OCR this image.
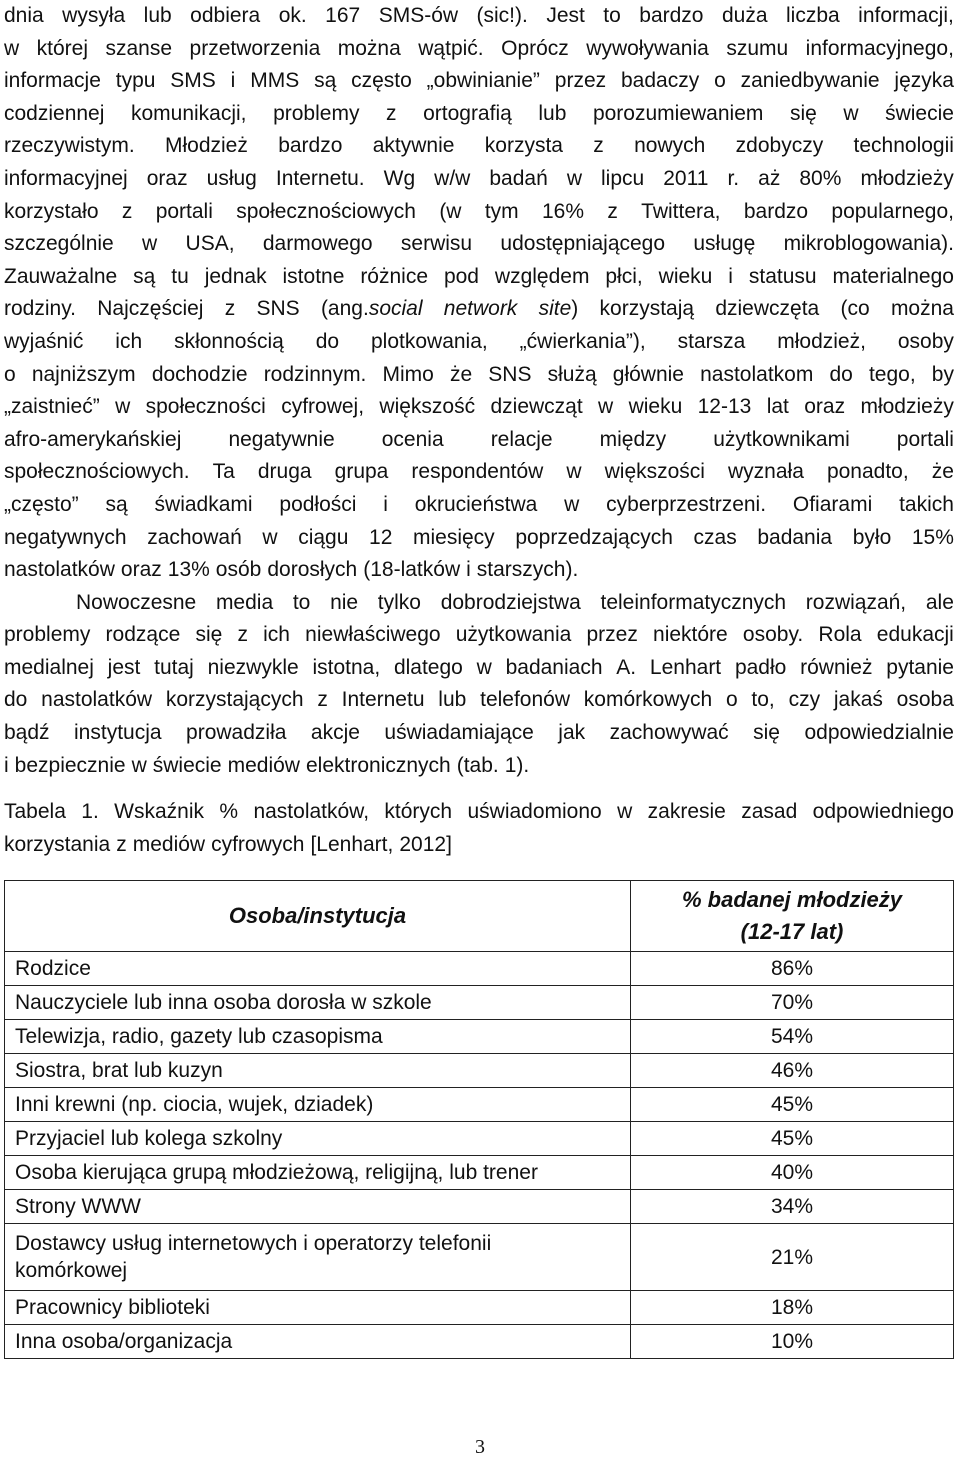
dnia wysyła lub odbiera ok. 167 SMS-ów (sic!). Jest to bardzo duża liczba informacji,
w której szanse przetworzenia można wątpić. Oprócz wywoływania szumu informacyjnego,
informacje typu SMS i MMS są często „obwinianie” przez badaczy o zaniedbywanie języka
codziennej komunikacji, problemy z ortografią lub porozumiewaniem się w świecie
rzeczywistym. Młodzież bardzo aktywnie korzysta z nowych zdobyczy technologii
informacyjnej oraz usług Internetu. Wg w/w badań w lipcu 2011 r. aż 80% młodzieży
korzystało z portali społecznościowych (w tym 16% z Twittera, bardzo popularnego,
szczególnie w USA, darmowego serwisu udostępniającego usługę mikroblogowania).
Zauważalne są tu jednak istotne różnice pod względem płci, wieku i statusu materialnego
rodziny. Najczęściej z SNS (ang.social network site) korzystają dziewczęta (co można
wyjaśnić ich skłonnością do plotkowania, „ćwierkania”), starsza młodzież, osoby
o najniższym dochodzie rodzinnym. Mimo że SNS służą głównie nastolatkom do tego, by
„zaistnieć” w społeczności cyfrowej, większość dziewcząt w wieku 12-13 lat oraz młodzieży
afro-amerykańskiej negatywnie ocenia relacje między użytkownikami portali
społecznościowych. Ta druga grupa respondentów w większości wyznała ponadto, że
„często” są świadkami podłości i okrucieństwa w cyberprzestrzeni. Ofiarami takich
negatywnych zachowań w ciągu 12 miesięcy poprzedzających czas badania było 15%
nastolatków oraz 13% osób dorosłych (18-latków i starszych).
Nowoczesne media to nie tylko dobrodziejstwa teleinformatycznych rozwiązań, ale
problemy rodzące się z ich niewłaściwego użytkowania przez niektóre osoby. Rola edukacji
medialnej jest tutaj niezwykle istotna, dlatego w badaniach A. Lenhart padło również pytanie
do nastolatków korzystających z Internetu lub telefonów komórkowych o to, czy jakaś osoba
bądź instytucja prowadziła akcje uświadamiające jak zachowywać się odpowiedzialnie
i bezpiecznie w świecie mediów elektronicznych (tab. 1).
Tabela 1. Wskaźnik % nastolatków, których uświadomiono w zakresie zasad odpowiedniego
korzystania z mediów cyfrowych [Lenhart, 2012]
Osoba/instytucja	% badanej młodzieży
(12-17 lat)
Rodzice	86%
Nauczyciele lub inna osoba dorosła w szkole	70%
Telewizja, radio, gazety lub czasopisma	54%
Siostra, brat lub kuzyn	46%
Inni krewni (np. ciocia, wujek, dziadek)	45%
Przyjaciel lub kolega szkolny	45%
Osoba kierująca grupą młodzieżową, religijną, lub trener	40%
Strony WWW	34%
Dostawcy usług internetowych i operatorzy telefonii
komórkowej	21%
Pracownicy biblioteki	18%
Inna osoba/organizacja	10%
3
